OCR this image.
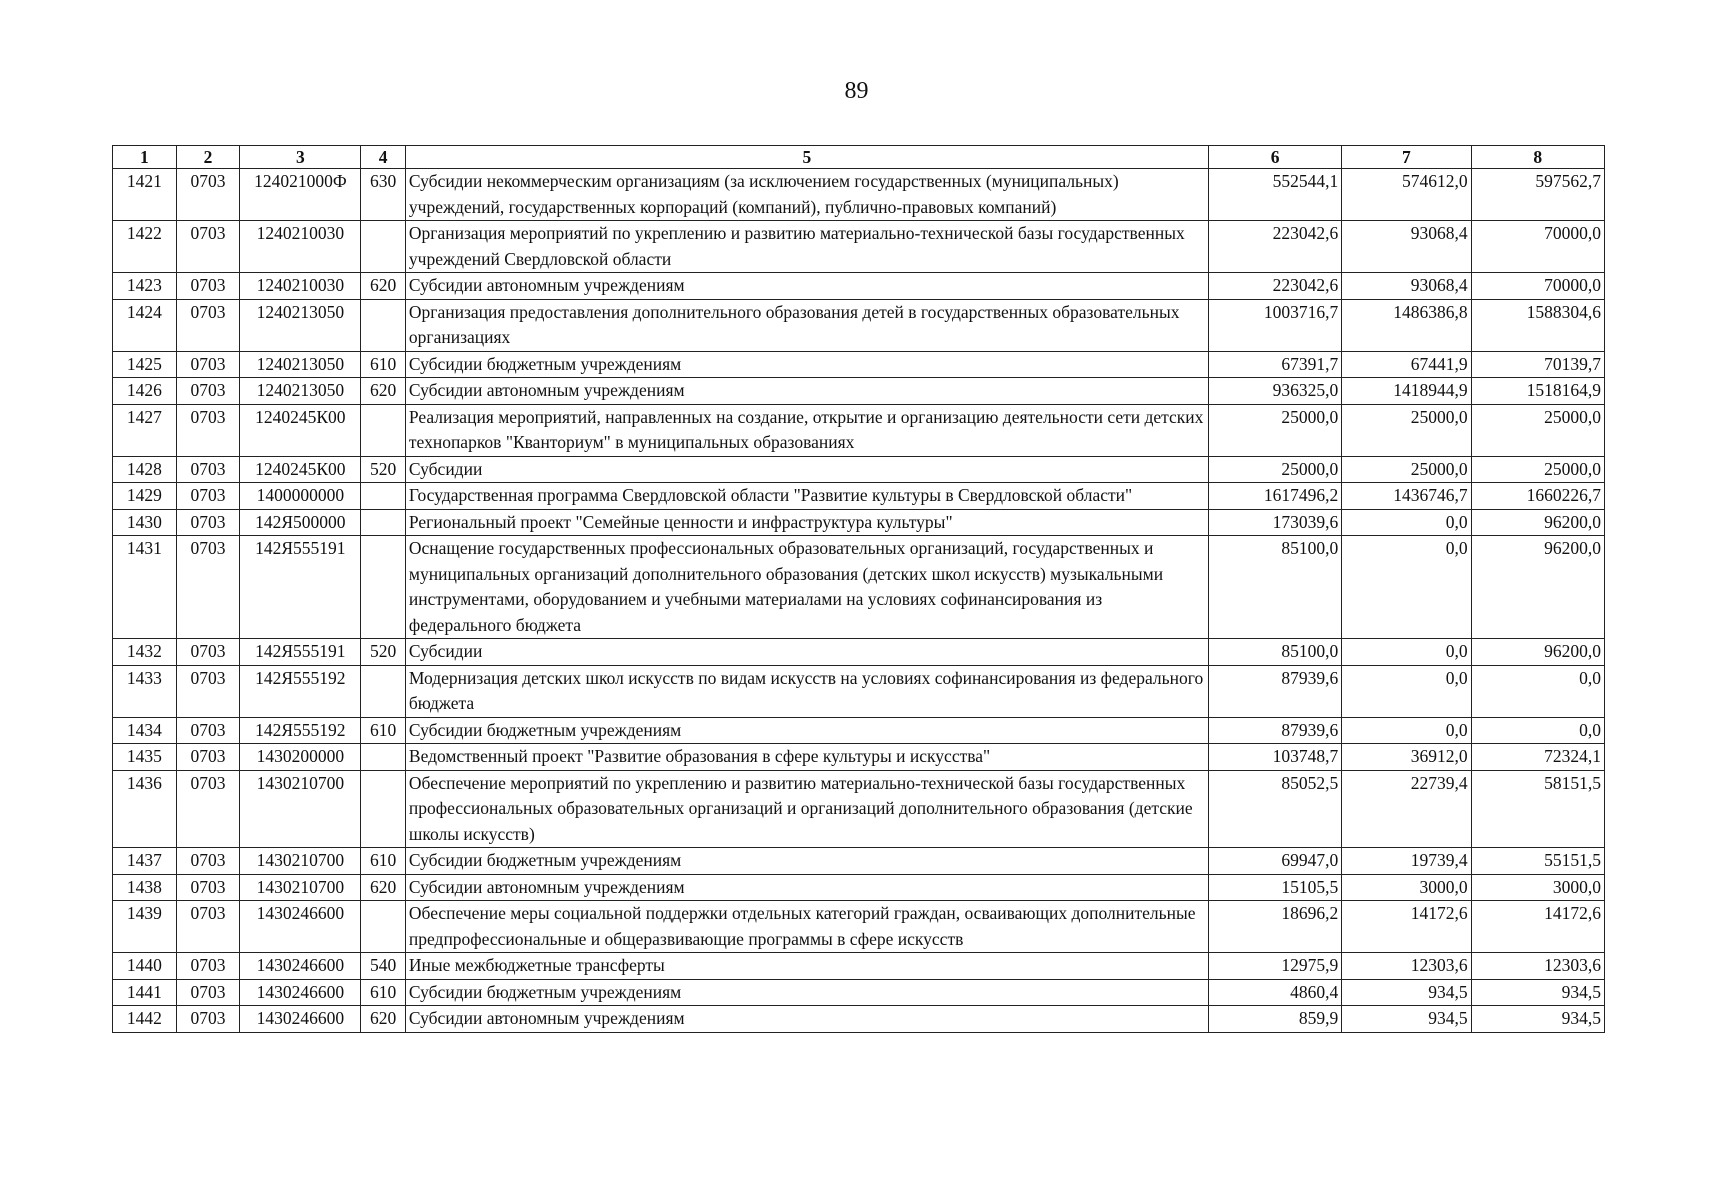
89
1	2	3	4	5	6	7	8
1421	0703	124021000Ф	630	Субсидии некоммерческим организациям (за исключением государственных (муниципальных) учреждений, государственных корпораций (компаний), публично-правовых компаний)	552544,1	574612,0	597562,7
1422	0703	1240210030		Организация мероприятий по укреплению и развитию материально-технической базы государственных учреждений Свердловской области	223042,6	93068,4	70000,0
1423	0703	1240210030	620	Субсидии автономным учреждениям	223042,6	93068,4	70000,0
1424	0703	1240213050		Организация предоставления дополнительного образования детей в государственных образовательных организациях	1003716,7	1486386,8	1588304,6
1425	0703	1240213050	610	Субсидии бюджетным учреждениям	67391,7	67441,9	70139,7
1426	0703	1240213050	620	Субсидии автономным учреждениям	936325,0	1418944,9	1518164,9
1427	0703	1240245К00		Реализация мероприятий, направленных на создание, открытие и организацию деятельности сети детских технопарков "Кванториум" в муниципальных образованиях	25000,0	25000,0	25000,0
1428	0703	1240245К00	520	Субсидии	25000,0	25000,0	25000,0
1429	0703	1400000000		Государственная программа Свердловской области "Развитие культуры в Свердловской области"	1617496,2	1436746,7	1660226,7
1430	0703	142Я500000		Региональный проект "Семейные ценности и инфраструктура культуры"	173039,6	0,0	96200,0
1431	0703	142Я555191		Оснащение государственных профессиональных образовательных организаций, государственных и муниципальных организаций дополнительного образования (детских школ искусств) музыкальными инструментами, оборудованием и учебными материалами на условиях софинансирования из федерального бюджета	85100,0	0,0	96200,0
1432	0703	142Я555191	520	Субсидии	85100,0	0,0	96200,0
1433	0703	142Я555192		Модернизация детских школ искусств по видам искусств на условиях софинансирования из федерального бюджета	87939,6	0,0	0,0
1434	0703	142Я555192	610	Субсидии бюджетным учреждениям	87939,6	0,0	0,0
1435	0703	1430200000		Ведомственный проект "Развитие образования в сфере культуры и искусства"	103748,7	36912,0	72324,1
1436	0703	1430210700		Обеспечение мероприятий по укреплению и развитию материально-технической базы государственных профессиональных образовательных организаций и организаций дополнительного образования (детские школы искусств)	85052,5	22739,4	58151,5
1437	0703	1430210700	610	Субсидии бюджетным учреждениям	69947,0	19739,4	55151,5
1438	0703	1430210700	620	Субсидии автономным учреждениям	15105,5	3000,0	3000,0
1439	0703	1430246600		Обеспечение меры социальной поддержки отдельных категорий граждан, осваивающих дополнительные предпрофессиональные и общеразвивающие программы в сфере искусств	18696,2	14172,6	14172,6
1440	0703	1430246600	540	Иные межбюджетные трансферты	12975,9	12303,6	12303,6
1441	0703	1430246600	610	Субсидии бюджетным учреждениям	4860,4	934,5	934,5
1442	0703	1430246600	620	Субсидии автономным учреждениям	859,9	934,5	934,5
